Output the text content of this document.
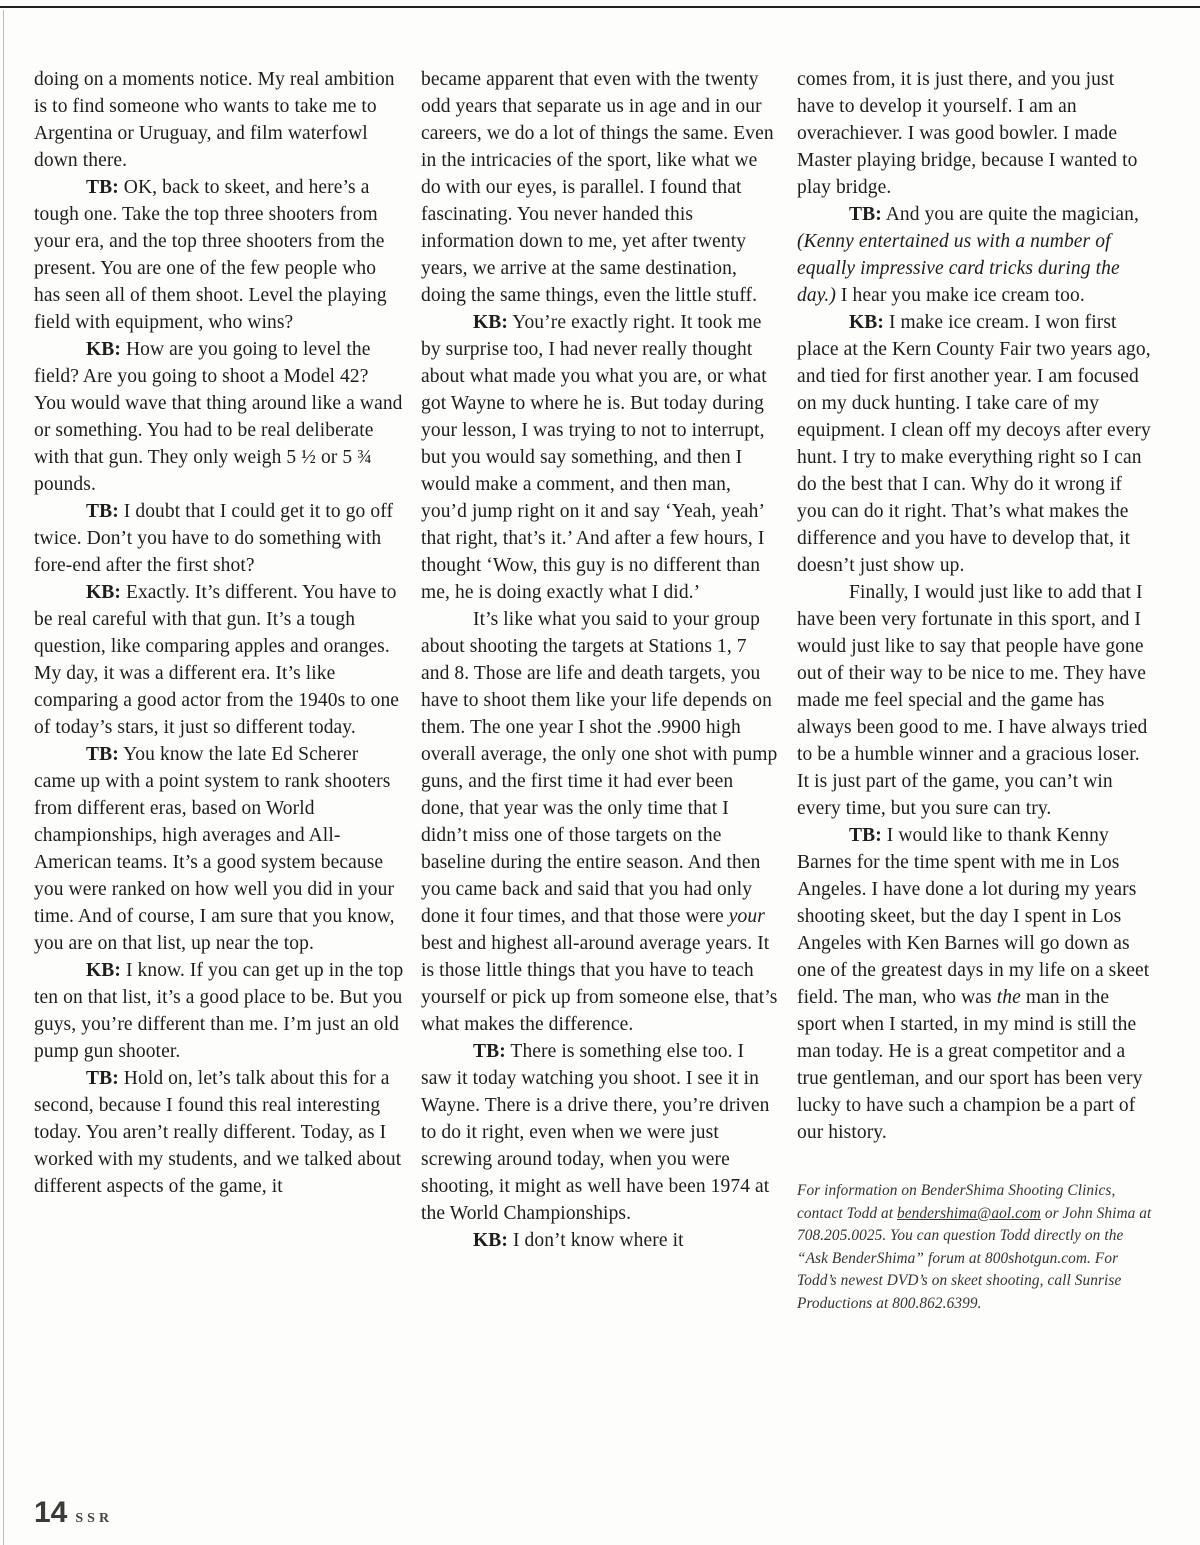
doing on a moments notice. My real ambition is to find someone who wants to take me to Argentina or Uruguay, and film waterfowl down there.

TB: OK, back to skeet, and here’s a tough one. Take the top three shooters from your era, and the top three shooters from the present. You are one of the few people who has seen all of them shoot. Level the playing field with equipment, who wins?

KB: How are you going to level the field? Are you going to shoot a Model 42? You would wave that thing around like a wand or something. You had to be real deliberate with that gun. They only weigh 5 ½ or 5 ¾ pounds.

TB: I doubt that I could get it to go off twice. Don’t you have to do something with fore-end after the first shot?

KB: Exactly. It’s different. You have to be real careful with that gun. It’s a tough question, like comparing apples and oranges. My day, it was a different era. It’s like comparing a good actor from the 1940s to one of today’s stars, it just so different today.

TB: You know the late Ed Scherer came up with a point system to rank shooters from different eras, based on World championships, high averages and All-American teams. It’s a good system because you were ranked on how well you did in your time. And of course, I am sure that you know, you are on that list, up near the top.

KB: I know. If you can get up in the top ten on that list, it’s a good place to be. But you guys, you’re different than me. I’m just an old pump gun shooter.

TB: Hold on, let’s talk about this for a second, because I found this real interesting today. You aren’t really different. Today, as I worked with my students, and we talked about different aspects of the game, it

became apparent that even with the twenty odd years that separate us in age and in our careers, we do a lot of things the same. Even in the intricacies of the sport, like what we do with our eyes, is parallel. I found that fascinating. You never handed this information down to me, yet after twenty years, we arrive at the same destination, doing the same things, even the little stuff.

KB: You’re exactly right. It took me by surprise too, I had never really thought about what made you what you are, or what got Wayne to where he is. But today during your lesson, I was trying to not to interrupt, but you would say something, and then I would make a comment, and then man, you’d jump right on it and say ‘Yeah, yeah’ that right, that’s it.’ And after a few hours, I thought ‘Wow, this guy is no different than me, he is doing exactly what I did.’

It’s like what you said to your group about shooting the targets at Stations 1, 7 and 8. Those are life and death targets, you have to shoot them like your life depends on them. The one year I shot the .9900 high overall average, the only one shot with pump guns, and the first time it had ever been done, that year was the only time that I didn’t miss one of those targets on the baseline during the entire season. And then you came back and said that you had only done it four times, and that those were your best and highest all-around average years. It is those little things that you have to teach yourself or pick up from someone else, that’s what makes the difference.

TB: There is something else too. I saw it today watching you shoot. I see it in Wayne. There is a drive there, you’re driven to do it right, even when we were just screwing around today, when you were shooting, it might as well have been 1974 at the World Championships.

KB: I don’t know where it

comes from, it is just there, and you just have to develop it yourself. I am an overachiever. I was good bowler. I made Master playing bridge, because I wanted to play bridge.

TB: And you are quite the magician, (Kenny entertained us with a number of equally impressive card tricks during the day.) I hear you make ice cream too.

KB: I make ice cream. I won first place at the Kern County Fair two years ago, and tied for first another year. I am focused on my duck hunting. I take care of my equipment. I clean off my decoys after every hunt. I try to make everything right so I can do the best that I can. Why do it wrong if you can do it right. That’s what makes the difference and you have to develop that, it doesn’t just show up.

Finally, I would just like to add that I have been very fortunate in this sport, and I would just like to say that people have gone out of their way to be nice to me. They have made me feel special and the game has always been good to me. I have always tried to be a humble winner and a gracious loser. It is just part of the game, you can’t win every time, but you sure can try.

TB: I would like to thank Kenny Barnes for the time spent with me in Los Angeles. I have done a lot during my years shooting skeet, but the day I spent in Los Angeles with Ken Barnes will go down as one of the greatest days in my life on a skeet field. The man, who was the man in the sport when I started, in my mind is still the man today. He is a great competitor and a true gentleman, and our sport has been very lucky to have such a champion be a part of our history.

For information on BenderShima Shooting Clinics, contact Todd at bendershima@aol.com or John Shima at 708.205.0025. You can question Todd directly on the “Ask BenderShima” forum at 800shotgun.com. For Todd’s newest DVD’s on skeet shooting, call Sunrise Productions at 800.862.6399.
14 SSR
